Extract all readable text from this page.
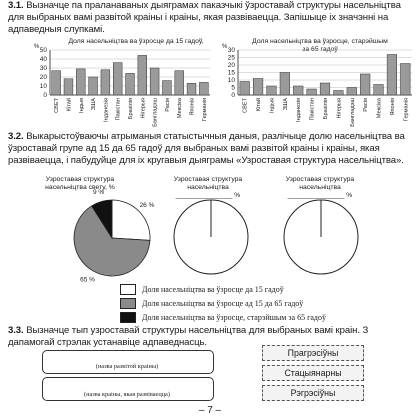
3.1. Вызначце па праланаваных дыяграмах паказчыкі ўзроставай структуры насельніцтва для выбраных вамі развітой краіны і краіны, якая развіваецца. Запішыце іх значэнні на адпаведныя слупкамі.
Доля насельніцтва ва ўзросце да 15 гадоў,

%
0
10
20
30
40
50
СВЕТ Кітай Індыя ЗША Інданезія Пакістан Бразілія Нігерыя Бангладэш Расія Мексіка Японія Германія
Доля насельніцтва ва ўзросце, старэйшым за 65 гадоў
%
0
5
10
15
20
25
30
СВЕТ Кітай Індыя ЗША Інданезія Пакістан Бразілія Нігерыя Бангладэш Расія Мексіка Японія Германія
3.2. Выкарыстоўваючы атрыманыя статыстычныя даныя, разлічыце долю насельніцтва ва ўзроставай групе ад 15 да 65 гадоў для выбраных вамі развітой краіны і краіны, якая развіваецца, і пабудуйце для іх кругавыя дыяграмы «Узроставая структура насельніцтва».
Узроставая структура насельніцтва свету, %
26 %
65 %
9 %
Узроставая структура насельніцтва
_______________ %
Узроставая структура насельніцтва
_______________ %
Доля насельніцтва ва ўзросце да 15 гадоў
Доля насельніцтва ва ўзросце ад 15 да 65 гадоў
Доля насельніцтва ва ўзросце, старэйшым за 65 гадоў
3.3. Вызначце тып узроставай структуры насельніцтва для выбраных вамі краін. З дапамогай стрэлак устанавіце адпаведнасць.
(назва развітой краіны)
(назва краіны, якая развіваецца)
Прагрэсіўны
Стацыянарны
Рэгрэсіўны
– 7 –
